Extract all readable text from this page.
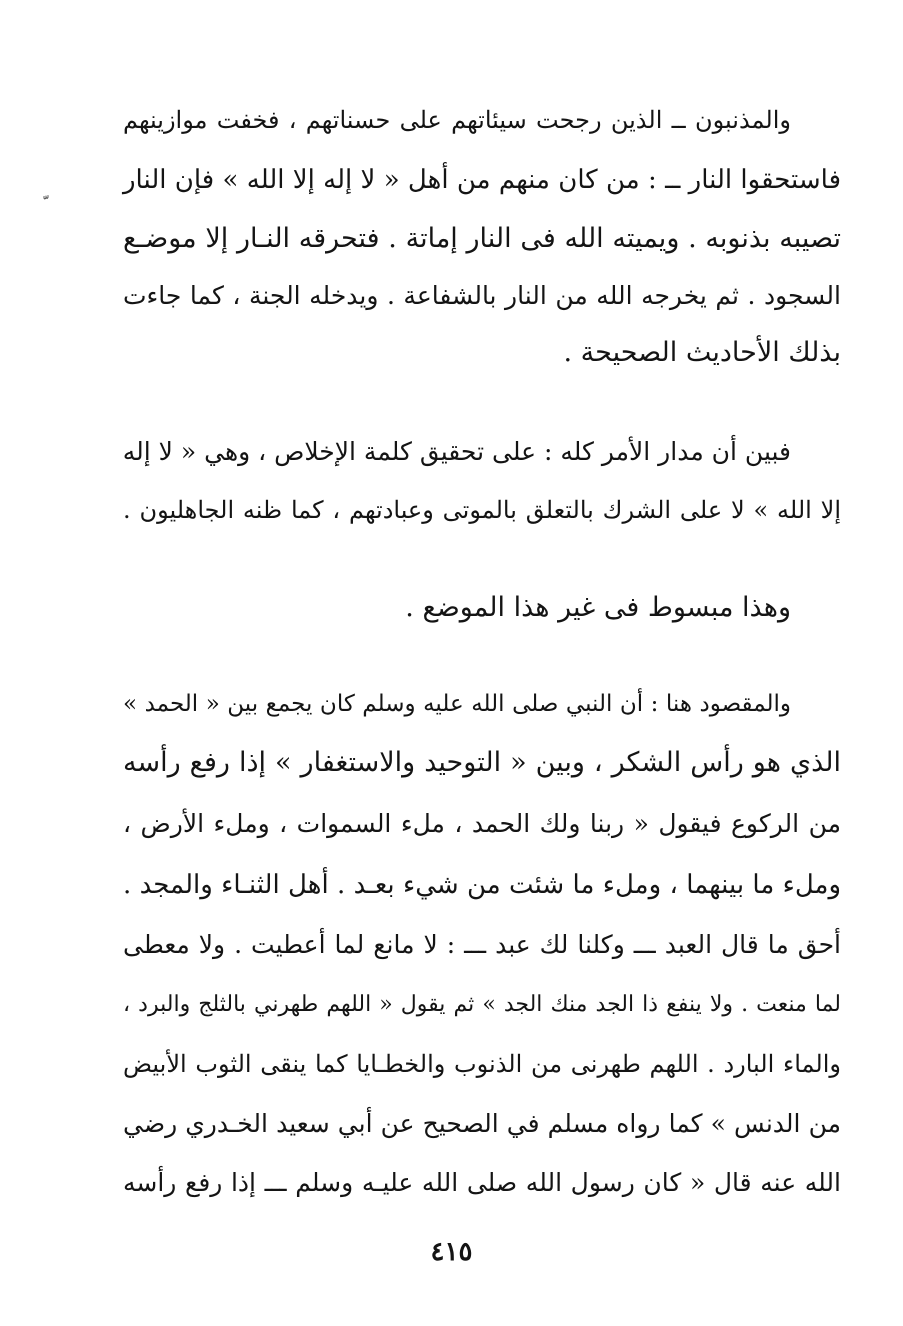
والمذنبون ــ الذين رجحت سيئاتهم على حسناتهم ، فخفت موازينهم
فاستحقوا النار ــ : من كان منهم من أهل « لا إله إلا الله » فإن النار
تصيبه بذنوبه . ويميته الله فى النار إماتة . فتحرقه النـار إلا موضـع
السجود . ثم يخرجه الله من النار بالشفاعة . ويدخله الجنة ، كما جاءت
بذلك الأحاديث الصحيحة .
فبين أن مدار الأمر كله : على تحقيق كلمة الإخلاص ، وهي « لا إله
إلا الله » لا على الشرك بالتعلق بالموتى وعبادتهم ، كما ظنه الجاهليون .
وهذا مبسوط فى غير هذا الموضع .
والمقصود هنا : أن النبي صلى الله عليه وسلم كان يجمع بين « الحمد »
الذي هو رأس الشكر ، وبين « التوحيد والاستغفار » إذا رفع رأسه
من الركوع فيقول « ربنا ولك الحمد ، ملء السموات ، وملء الأرض ،
وملء ما بينهما ، وملء ما شئت من شيء بعـد . أهل الثنـاء والمجد .
أحق ما قال العبد ـــ وكلنا لك عبد ـــ : لا مانع لما أعطيت . ولا معطى
لما منعت . ولا ينفع ذا الجد منك الجد » ثم يقول « اللهم طهرني بالثلج والبرد ،
والماء البارد . اللهم طهرنى من الذنوب والخطـايا كما ينقى الثوب الأبيض
من الدنس » كما رواه مسلم في الصحيح عن أبي سعيد الخـدري رضي
الله عنه قال « كان رسول الله صلى الله عليـه وسلم ـــ إذا رفع رأسه
٤١٥
